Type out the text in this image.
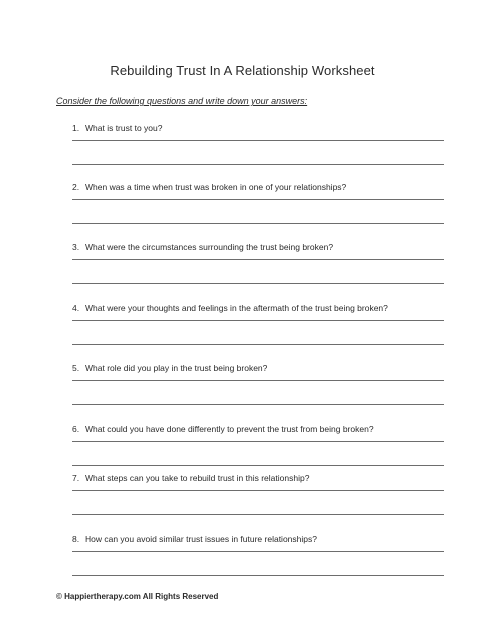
Rebuilding Trust In A Relationship Worksheet
Consider the following questions and write down your answers:
1. What is trust to you?
2. When was a time when trust was broken in one of your relationships?
3. What were the circumstances surrounding the trust being broken?
4. What were your thoughts and feelings in the aftermath of the trust being broken?
5. What role did you play in the trust being broken?
6. What could you have done differently to prevent the trust from being broken?
7. What steps can you take to rebuild trust in this relationship?
8. How can you avoid similar trust issues in future relationships?
© Happiertherapy.com All Rights Reserved
